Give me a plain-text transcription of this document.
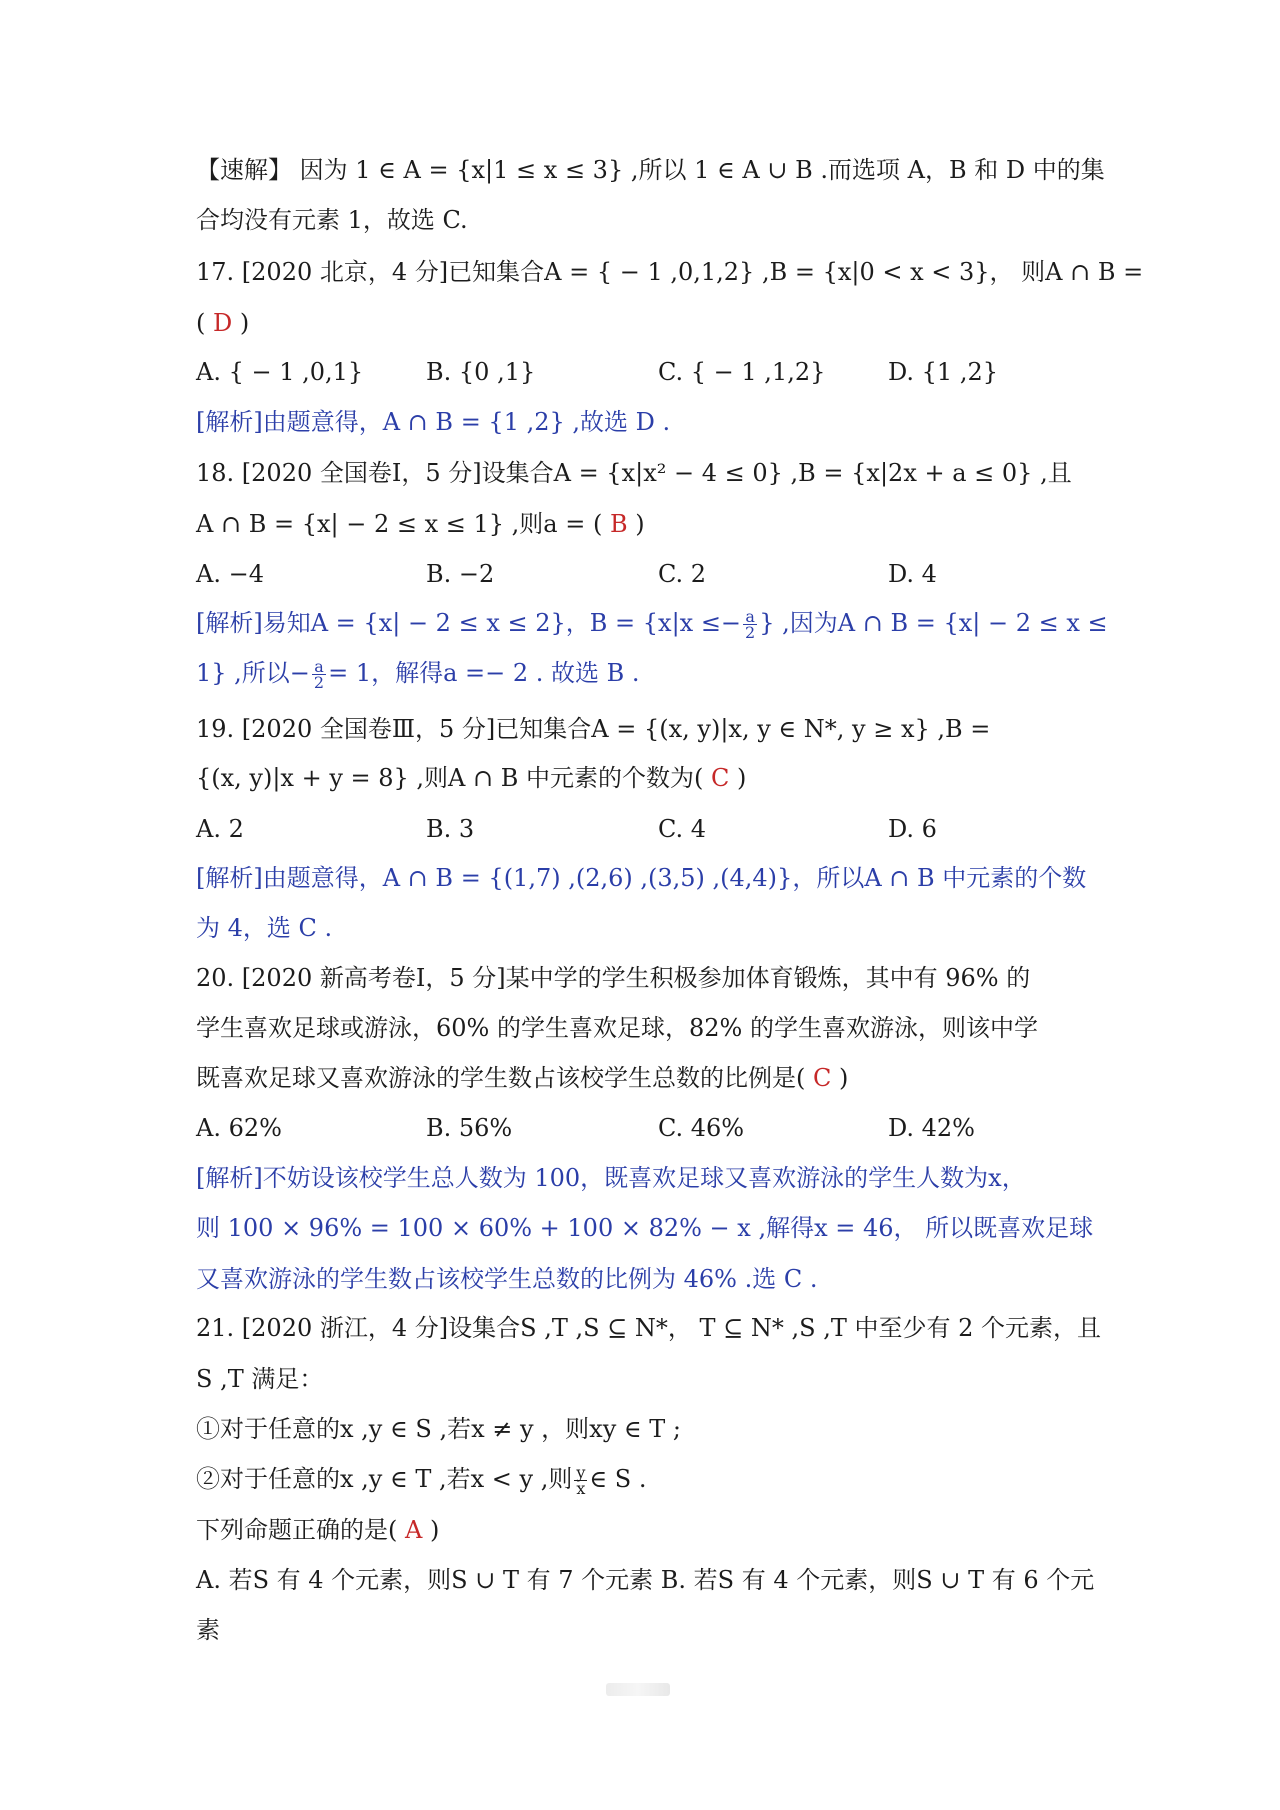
【速解】 因为 1 ∈ A = {x|1 ≤ x ≤ 3} ,所以 1 ∈ A ∪ B .而选项 A，B 和 D 中的集

合均没有元素 1，故选 C.

17. [2020 北京，4 分]已知集合A = { − 1 ,0,1,2} ,B = {x|0 < x < 3}， 则A ∩ B =

( D )

A. { − 1 ,0,1}	B. {0 ,1}	C. { − 1 ,1,2}	D. {1 ,2}

[解析]由题意得，A ∩ B = {1 ,2} ,故选 D .

18. [2020 全国卷Ⅰ，5 分]设集合A = {x|x² − 4 ≤ 0} ,B = {x|2x + a ≤ 0} ,且

A ∩ B = {x| − 2 ≤ x ≤ 1} ,则a = ( B )

A. −4	B. −2	C. 2	D. 4

[解析]易知A = {x| − 2 ≤ x ≤ 2}，$B = \{x|x \le- \frac{a}{2}$ } ,因为A ∩ B = {x| − 2 ≤ x ≤

1} ,所以− $\frac{a}{2} = 1$，解得a =− 2 . 故选 B .

19. [2020 全国卷Ⅲ，5 分]已知集合A = {(x, y)|x, y ∈ N*, y ≥ x} ,B =

{(x, y)|x + y = 8} ,则A ∩ B 中元素的个数为( C )

A. 2	B. 3	C. 4	D. 6

[解析]由题意得，A ∩ B = {(1,7) ,(2,6) ,(3,5) ,(4,4)}，所以A ∩ B 中元素的个数

为 4，选 C .

20. [2020 新高考卷Ⅰ，5 分]某中学的学生积极参加体育锻炼，其中有 96% 的

学生喜欢足球或游泳，60% 的学生喜欢足球，82% 的学生喜欢游泳，则该中学

既喜欢足球又喜欢游泳的学生数占该校学生总数的比例是( C )

A. 62%	B. 56%	C. 46%	D. 42%

[解析]不妨设该校学生总人数为 100，既喜欢足球又喜欢游泳的学生人数为x，

则 100 × 96% = 100 × 60% + 100 × 82% − x ,解得x = 46， 所以既喜欢足球

又喜欢游泳的学生数占该校学生总数的比例为 46% .选 C .

21. [2020 浙江，4 分]设集合S ,T ,S ⊆ N*， T ⊆ N* ,S ,T 中至少有 2 个元素，且

S ,T 满足：

①对于任意的x ,y ∈ S ,若x ≠ y ，则xy ∈ T ;

②对于任意的x ,y ∈ T ,若x < y ,则 $\frac{y}{x}$ ∈ S .

下列命题正确的是( A )

A. 若S 有 4 个元素，则S ∪ T 有 7 个元素 B. 若S 有 4 个元素，则S ∪ T 有 6 个元

素
